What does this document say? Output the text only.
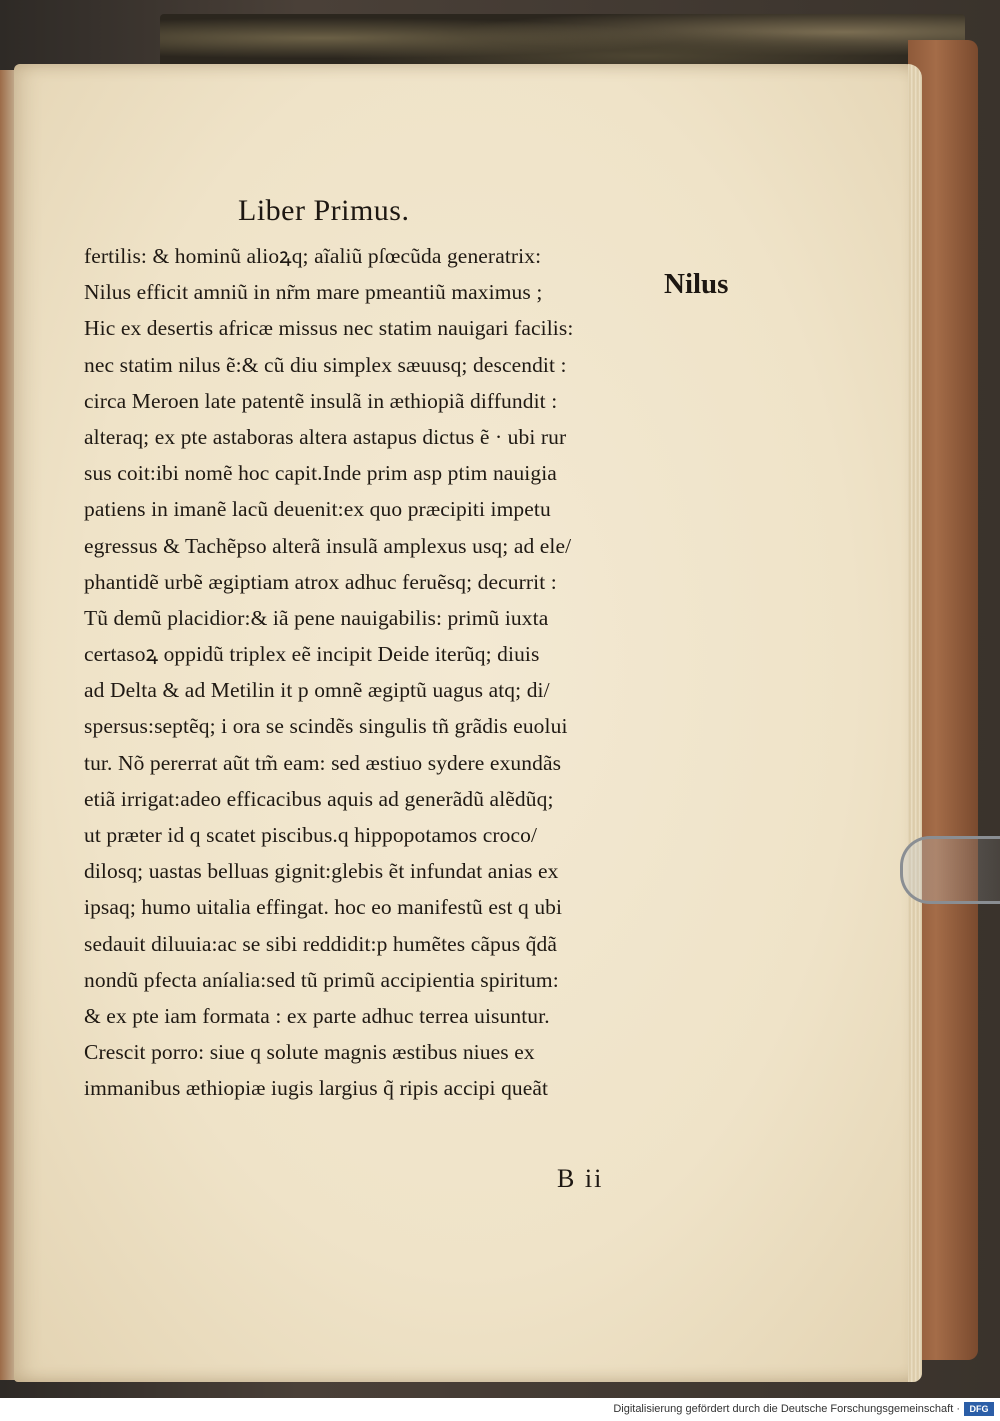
Liber Primus.
Nilus
fertilis: & hominũ alioꝝq; aĩaliũ pſœcũda generatrix:
Nilus efficit amniũ in nr̃m mare pmeantiũ maximus ;
Hic ex desertis africæ missus nec statim nauigari facilis:
nec statim nilus ẽ:& cũ diu simplex sæuusq; descendit :
circa Meroen late patentẽ insulã in æthiopiã diffundit :
alteraq; ex pte astaboras altera astapus dictus ẽ · ubi rur
sus coit:ibi nomẽ hoc capit.Inde prim asp ptim nauigia
patiens in imanẽ lacũ deuenit:ex quo præcipiti impetu
egressus & Tachẽpso alterã insulã amplexus usq; ad ele/
phantidẽ urbẽ ægiptiam atrox adhuc feruẽsq; decurrit :
Tũ demũ placidior:& iã pene nauigabilis: primũ iuxta
certasoꝝ oppidũ triplex eẽ incipit Deide iterũq; diuis
ad Delta & ad Metilin it p omnẽ ægiptũ uagus atq; di/
spersus:septẽq; i ora se scindẽs singulis tñ grãdis euolui
tur. Nõ pererrat aũt tm̃ eam: sed æstiuo sydere exundãs
etiã irrigat:adeo efficacibus aquis ad generãdũ alẽdũq;
ut præter id q scatet piscibus.q hippopotamos croco/
dilosq; uastas belluas gignit:glebis ẽt infundat anias ex
ipsaq; humo uitalia effingat. hoc eo manifestũ est q ubi
sedauit diluuia:ac se sibi reddidit:p humẽtes cãpus q̃dã
nondũ pfecta aníalia:sed tũ primũ accipientia spiritum:
& ex pte iam formata : ex parte adhuc terrea uisuntur.
Crescit porro: siue q solute magnis æstibus niues ex
immanibus æthiopiæ iugis largius q̃ ripis accipi queãt
B ii
Digitalisierung gefördert durch die Deutsche Forschungsgemeinschaft ·	DFG
